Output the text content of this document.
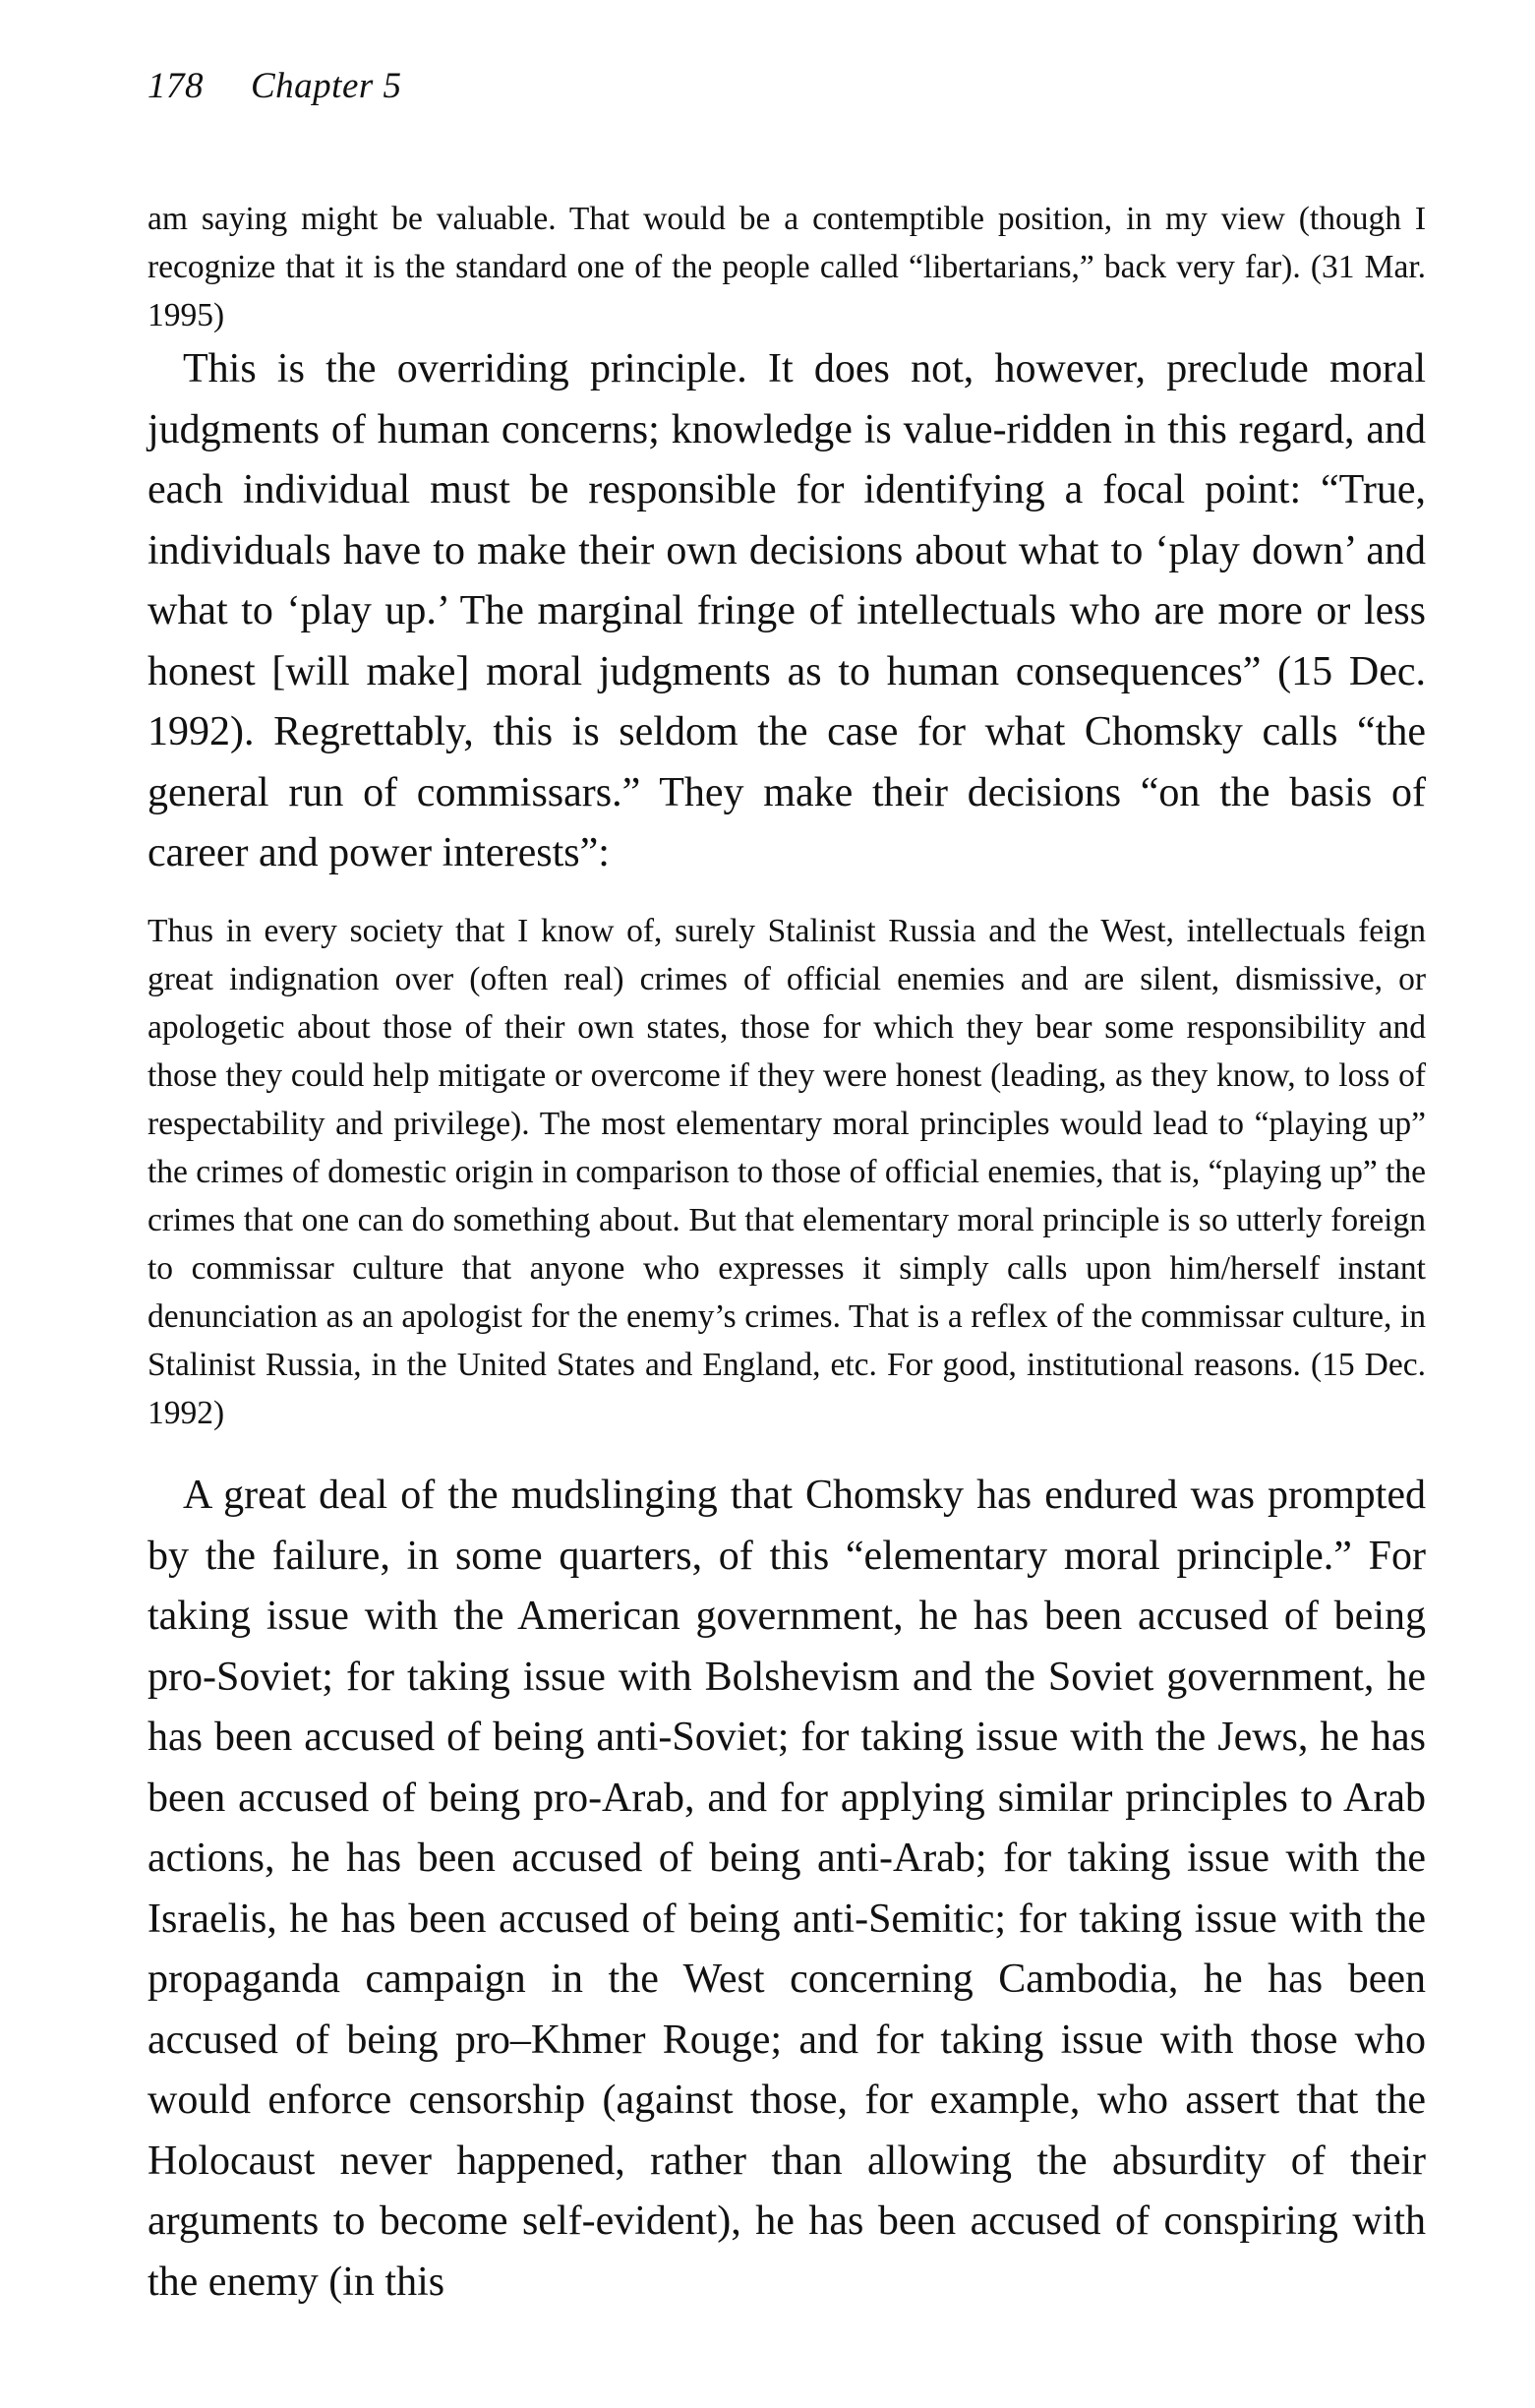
178 Chapter 5

am saying might be valuable. That would be a contemptible position, in my view (though I recognize that it is the standard one of the people called “libertarians,” back very far). (31 Mar. 1995)

This is the overriding principle. It does not, however, preclude moral judgments of human concerns; knowledge is value-ridden in this regard, and each individual must be responsible for identifying a focal point: “True, individuals have to make their own decisions about what to ‘play down’ and what to ‘play up.’ The marginal fringe of intellectuals who are more or less honest [will make] moral judgments as to human consequences” (15 Dec. 1992). Regrettably, this is seldom the case for what Chomsky calls “the general run of commissars.” They make their decisions “on the basis of career and power interests”:

Thus in every society that I know of, surely Stalinist Russia and the West, intellectuals feign great indignation over (often real) crimes of official enemies and are silent, dismissive, or apologetic about those of their own states, those for which they bear some responsibility and those they could help mitigate or overcome if they were honest (leading, as they know, to loss of respectability and privilege). The most elementary moral principles would lead to “playing up” the crimes of domestic origin in comparison to those of official enemies, that is, “playing up” the crimes that one can do something about. But that elementary moral principle is so utterly foreign to commissar culture that anyone who expresses it simply calls upon him/herself instant denunciation as an apologist for the enemy’s crimes. That is a reflex of the commissar culture, in Stalinist Russia, in the United States and England, etc. For good, institutional reasons. (15 Dec. 1992)

A great deal of the mudslinging that Chomsky has endured was prompted by the failure, in some quarters, of this “elementary moral principle.” For taking issue with the American government, he has been accused of being pro-Soviet; for taking issue with Bolshevism and the Soviet government, he has been accused of being anti-Soviet; for taking issue with the Jews, he has been accused of being pro-Arab, and for applying similar principles to Arab actions, he has been accused of being anti-Arab; for taking issue with the Israelis, he has been accused of being anti-Semitic; for taking issue with the propaganda campaign in the West concerning Cambodia, he has been accused of being pro–Khmer Rouge; and for taking issue with those who would enforce censorship (against those, for example, who assert that the Holocaust never happened, rather than allowing the absurdity of their arguments to become self-evident), he has been accused of conspiring with the enemy (in this
